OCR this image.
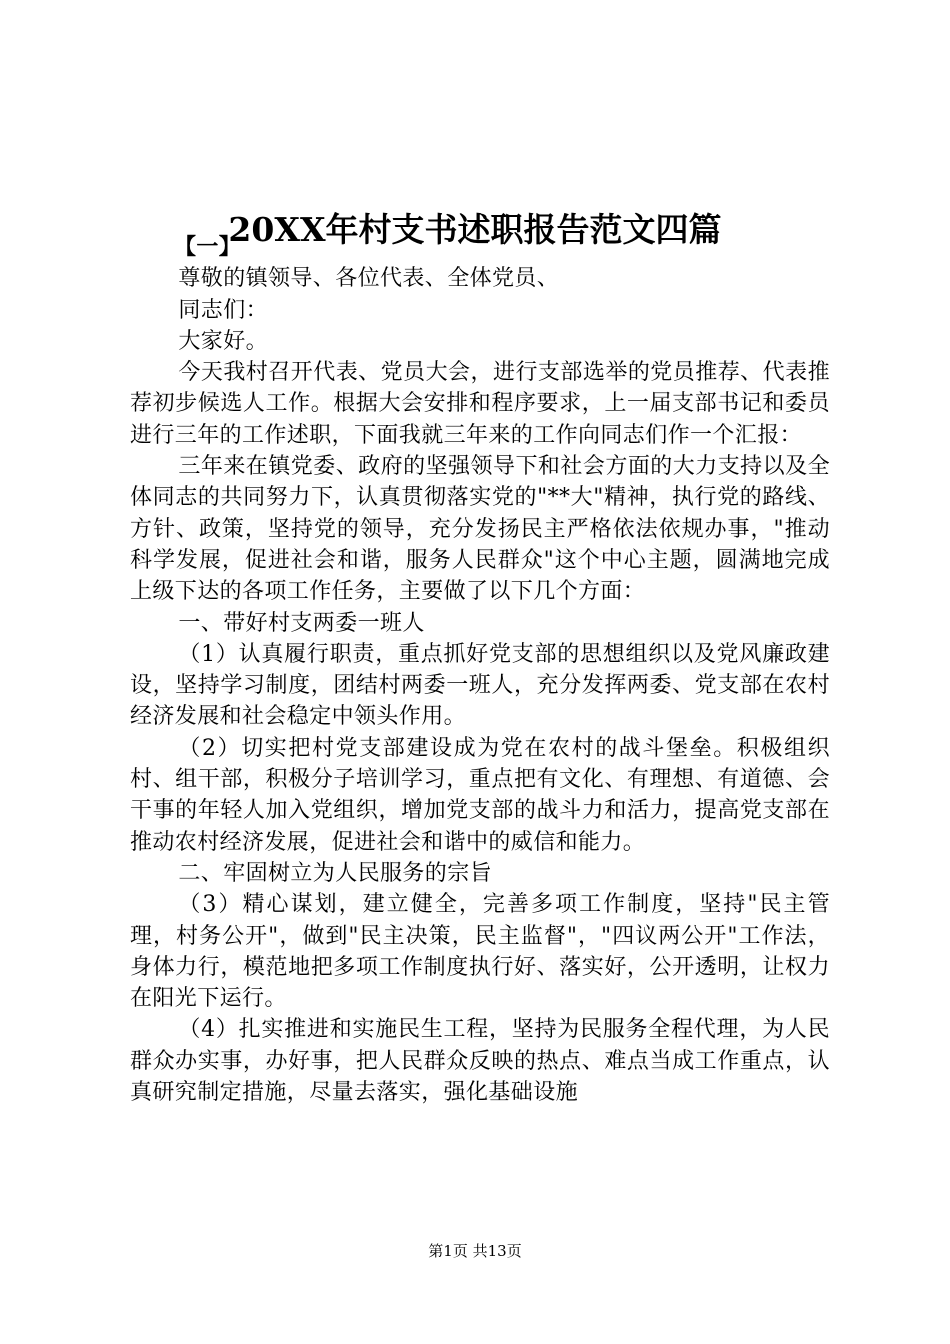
20XX年村支书述职报告范文四篇

【一】

尊敬的镇领导、各位代表、全体党员、

同志们：

大家好。

今天我村召开代表、党员大会，进行支部选举的党员推荐、代表推荐初步候选人工作。根据大会安排和程序要求，上一届支部书记和委员进行三年的工作述职，下面我就三年来的工作向同志们作一个汇报：

三年来在镇党委、政府的坚强领导下和社会方面的大力支持以及全体同志的共同努力下，认真贯彻落实党的"**大"精神，执行党的路线、方针、政策，坚持党的领导，充分发扬民主严格依法依规办事，"推动科学发展，促进社会和谐，服务人民群众"这个中心主题，圆满地完成上级下达的各项工作任务，主要做了以下几个方面：

一、带好村支两委一班人

（1）认真履行职责，重点抓好党支部的思想组织以及党风廉政建设，坚持学习制度，团结村两委一班人，充分发挥两委、党支部在农村经济发展和社会稳定中领头作用。

（2）切实把村党支部建设成为党在农村的战斗堡垒。积极组织村、组干部，积极分子培训学习，重点把有文化、有理想、有道德、会干事的年轻人加入党组织，增加党支部的战斗力和活力，提高党支部在推动农村经济发展，促进社会和谐中的威信和能力。

二、牢固树立为人民服务的宗旨

（3）精心谋划，建立健全，完善多项工作制度，坚持"民主管理，村务公开"，做到"民主决策，民主监督"，"四议两公开"工作法，身体力行，模范地把多项工作制度执行好、落实好，公开透明，让权力在阳光下运行。

（4）扎实推进和实施民生工程，坚持为民服务全程代理，为人民群众办实事，办好事，把人民群众反映的热点、难点当成工作重点，认真研究制定措施，尽量去落实，强化基础设施

第1页 共13页
